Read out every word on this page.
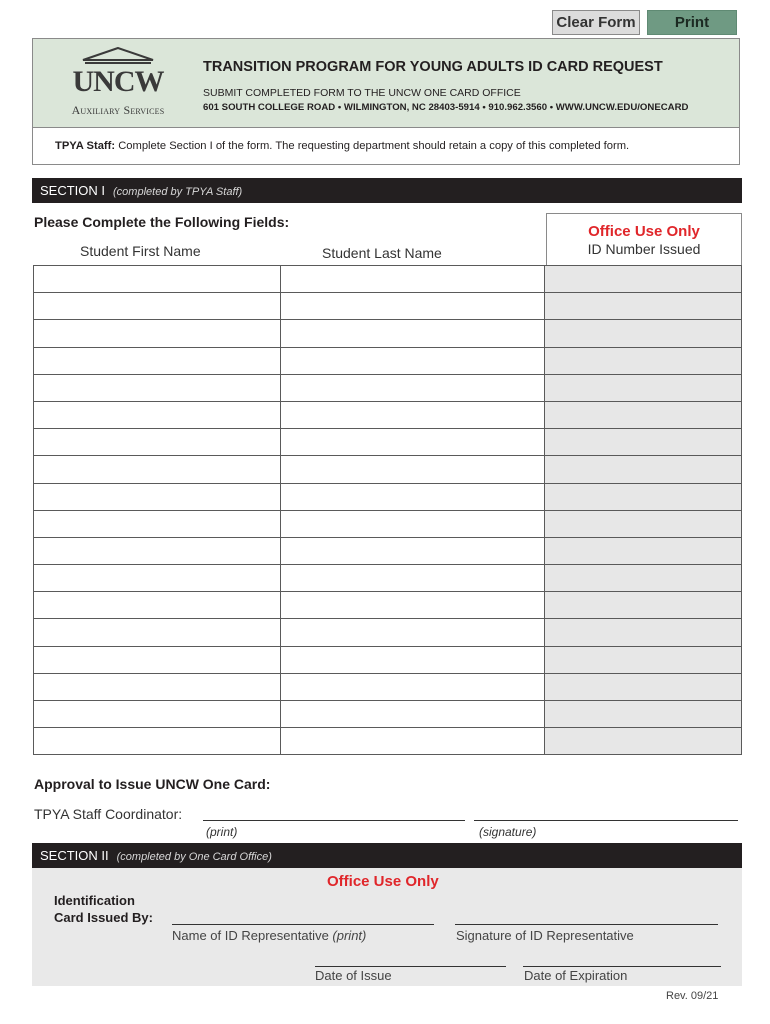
Clear Form	Print
UNCW
Auxiliary Services
TRANSITION PROGRAM FOR YOUNG ADULTS ID CARD REQUEST
SUBMIT COMPLETED FORM TO THE UNCW ONE CARD OFFICE
601 SOUTH COLLEGE ROAD • WILMINGTON, NC 28403-5914 • 910.962.3560 • WWW.UNCW.EDU/ONECARD
TPYA Staff: Complete Section I of the form. The requesting department should retain a copy of this completed form.
SECTION I (completed by TPYA Staff)
Please Complete the Following Fields:
Student First Name	Student Last Name
Office Use Only
ID Number Issued

Approval to Issue UNCW One Card:
TPYA Staff Coordinator:
(print)	(signature)
SECTION II (completed by One Card Office)
Office Use Only
Identification
Card Issued By:
Name of ID Representative (print)	Signature of ID Representative
Date of Issue	Date of Expiration
Rev. 09/21
